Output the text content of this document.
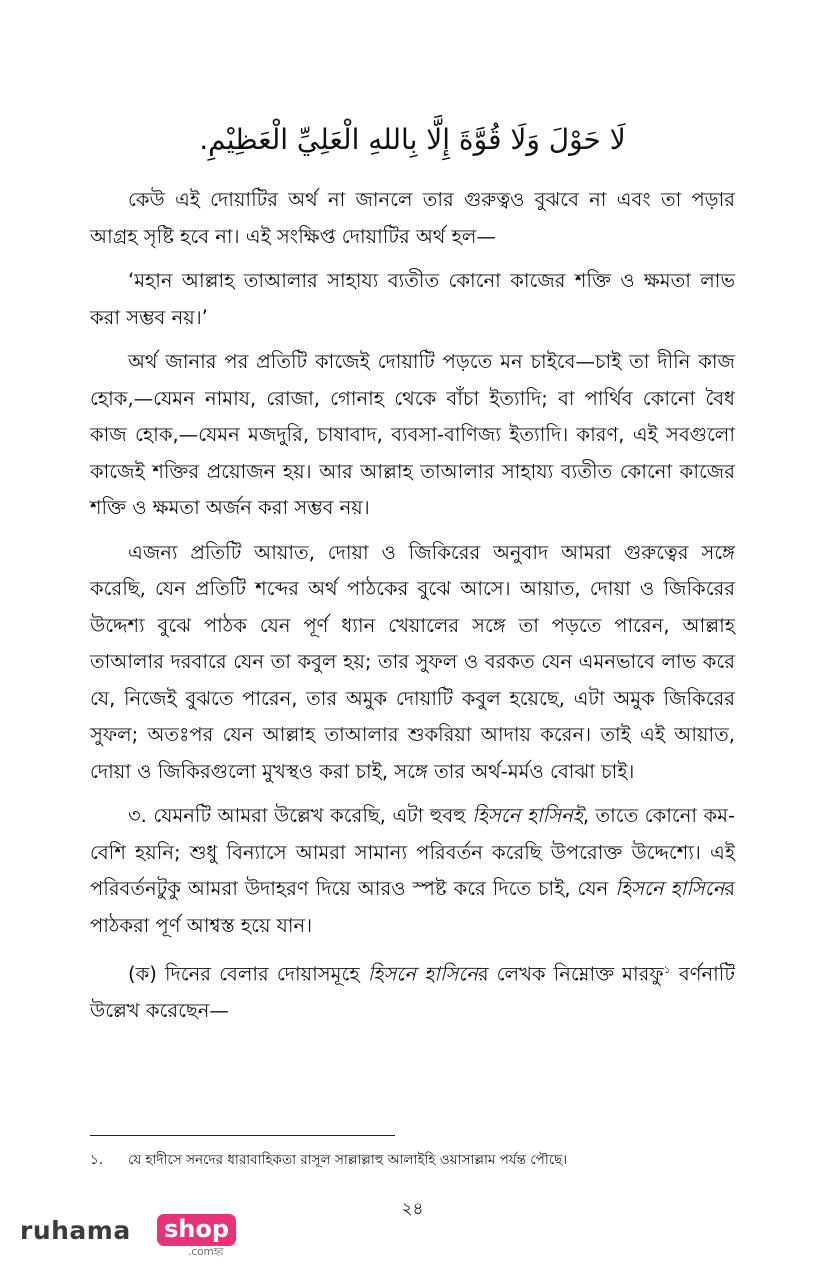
لَا حَوْلَ وَلَا قُوَّةَ إِلَّا بِاللهِ الْعَلِيِّ الْعَظِيْمِ.

কেউ এই দোয়াটির অর্থ না জানলে তার গুরুত্বও বুঝবে না এবং তা পড়ার আগ্রহ সৃষ্টি হবে না। এই সংক্ষিপ্ত দোয়াটির অর্থ হল—

‘মহান আল্লাহ তাআলার সাহায্য ব্যতীত কোনো কাজের শক্তি ও ক্ষমতা লাভ করা সম্ভব নয়।’

অর্থ জানার পর প্রতিটি কাজেই দোয়াটি পড়তে মন চাইবে—চাই তা দীনি কাজ হোক,—যেমন নামায, রোজা, গোনাহ থেকে বাঁচা ইত্যাদি; বা পার্থিব কোনো বৈধ কাজ হোক,—যেমন মজদুরি, চাষাবাদ, ব্যবসা-বাণিজ্য ইত্যাদি। কারণ, এই সবগুলো কাজেই শক্তির প্রয়োজন হয়। আর আল্লাহ তাআলার সাহায্য ব্যতীত কোনো কাজের শক্তি ও ক্ষমতা অর্জন করা সম্ভব নয়।

এজন্য প্রতিটি আয়াত, দোয়া ও জিকিরের অনুবাদ আমরা গুরুত্বের সঙ্গে করেছি, যেন প্রতিটি শব্দের অর্থ পাঠকের বুঝে আসে। আয়াত, দোয়া ও জিকিরের উদ্দেশ্য বুঝে পাঠক যেন পূর্ণ ধ্যান খেয়ালের সঙ্গে তা পড়তে পারেন, আল্লাহ তাআলার দরবারে যেন তা কবুল হয়; তার সুফল ও বরকত যেন এমনভাবে লাভ করে যে, নিজেই বুঝতে পারেন, তার অমুক দোয়াটি কবুল হয়েছে, এটা অমুক জিকিরের সুফল; অতঃপর যেন আল্লাহ তাআলার শুকরিয়া আদায় করেন। তাই এই আয়াত, দোয়া ও জিকিরগুলো মুখস্থও করা চাই, সঙ্গে তার অর্থ-মর্মও বোঝা চাই।

৩. যেমনটি আমরা উল্লেখ করেছি, এটা হুবহু হিসনে হাসিনই, তাতে কোনো কম-বেশি হয়নি; শুধু বিন্যাসে আমরা সামান্য পরিবর্তন করেছি উপরোক্ত উদ্দেশ্যে। এই পরিবর্তনটুকু আমরা উদাহরণ দিয়ে আরও স্পষ্ট করে দিতে চাই, যেন হিসনে হাসিনের পাঠকরা পূর্ণ আশ্বস্ত হয়ে যান।

(ক) দিনের বেলার দোয়াসমূহে হিসনে হাসিনের লেখক নিম্নোক্ত মারফু$^১$ বর্ণনাটি উল্লেখ করেছেন—

১. যে হাদীসে সনদের ধারাবাহিকতা রাসূল সাল্লাল্লাহু আলাইহি ওয়াসাল্লাম পর্যন্ত পৌছে।
২৪
ruhama shop
.comহ্ব
